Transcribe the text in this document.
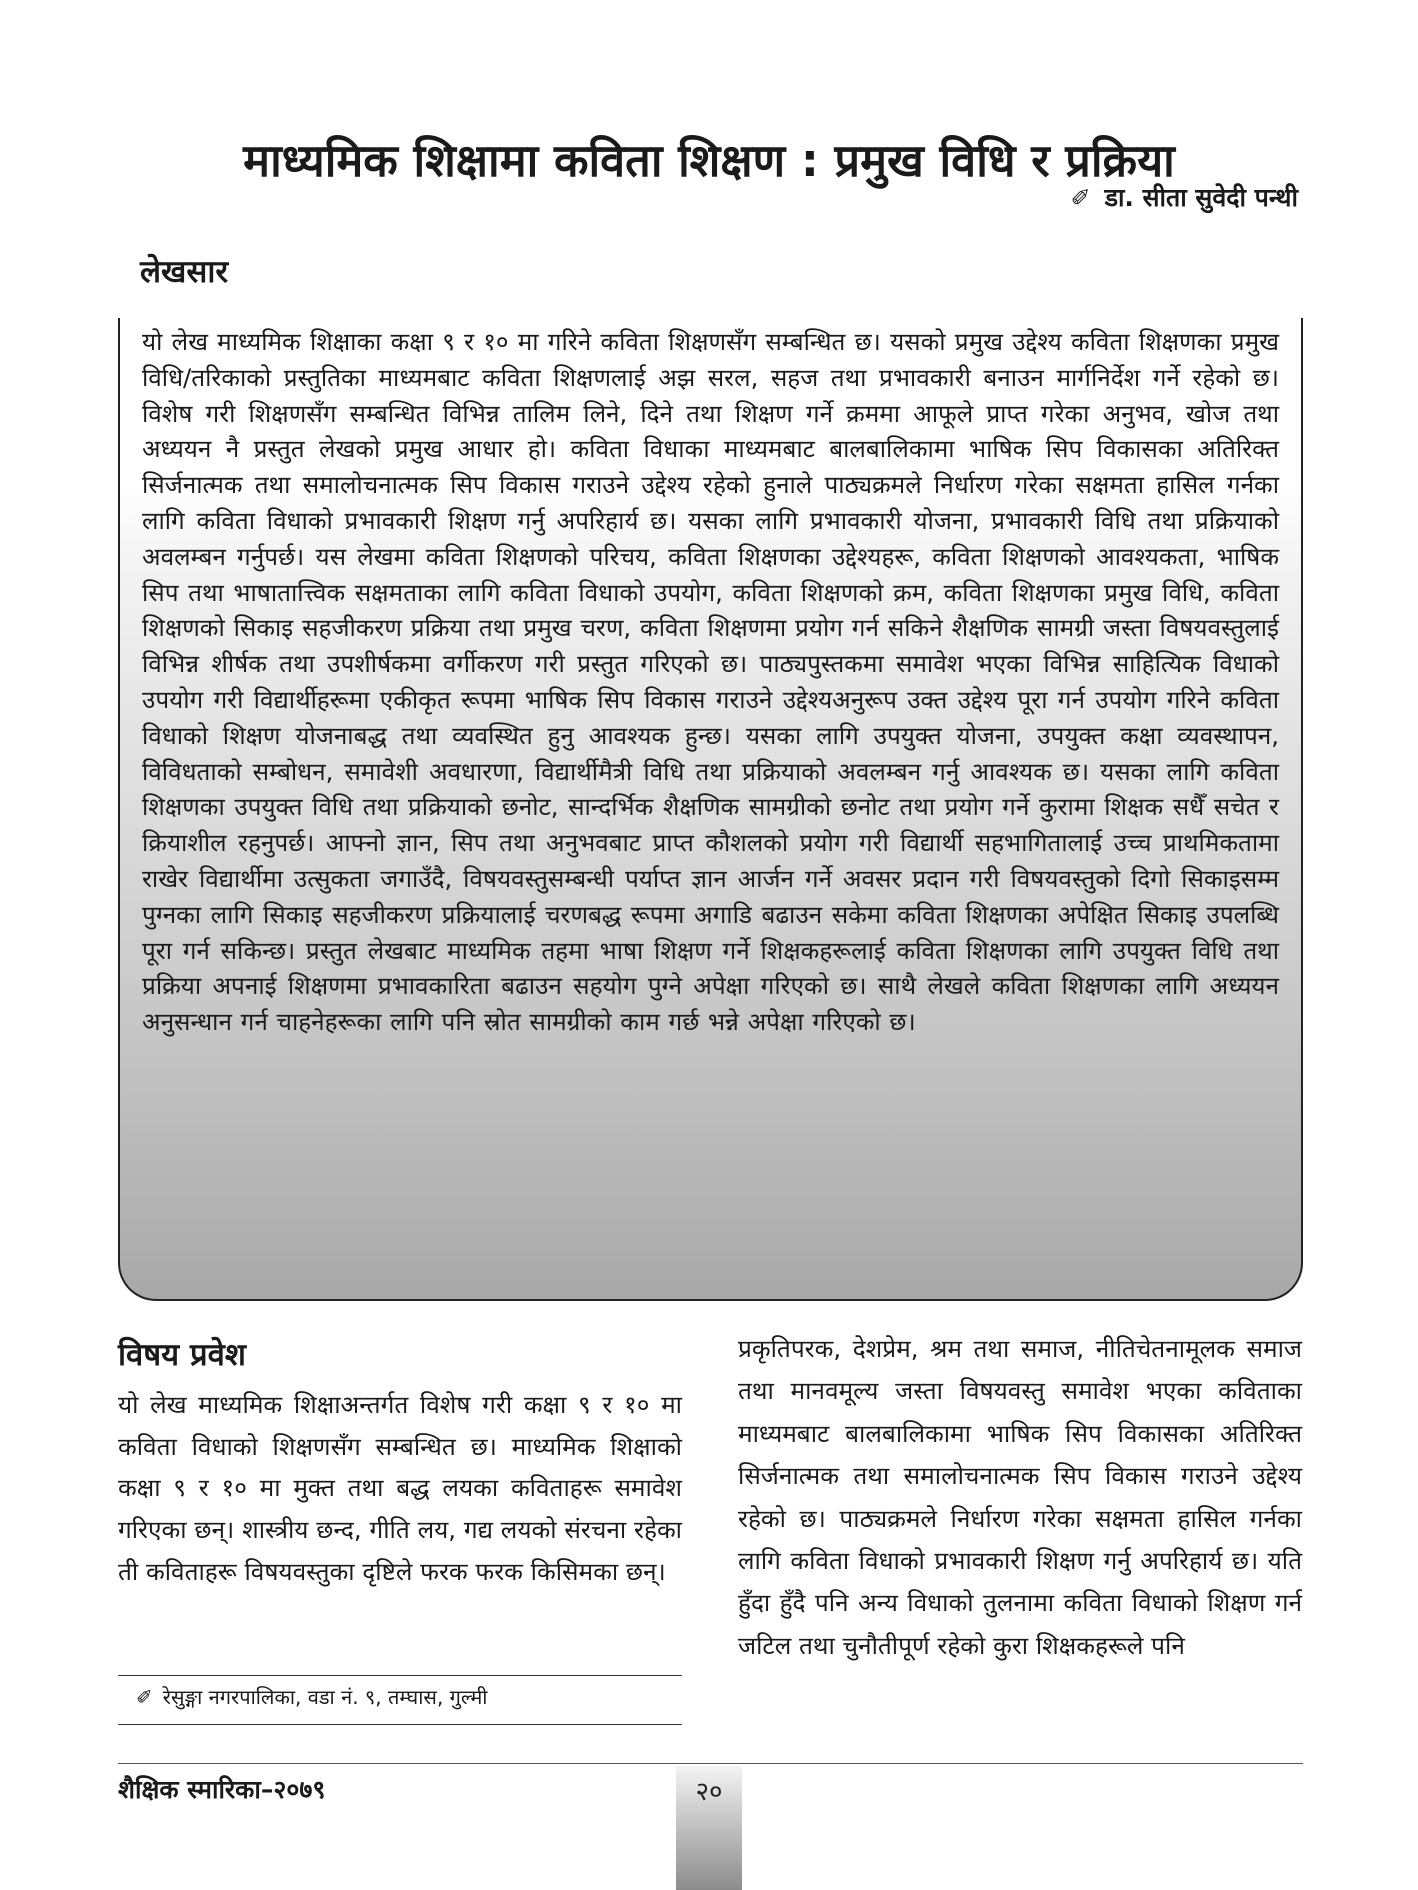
माध्यमिक शिक्षामा कविता शिक्षण : प्रमुख विधि र प्रक्रिया
✐ डा. सीता सुवेदी पन्थी
लेखसार

यो लेख माध्यमिक शिक्षाका कक्षा ९ र १० मा गरिने कविता शिक्षणसँग सम्बन्धित छ। यसको प्रमुख उद्देश्य कविता शिक्षणका प्रमुख विधि/तरिकाको प्रस्तुतिका माध्यमबाट कविता शिक्षणलाई अझ सरल, सहज तथा प्रभावकारी बनाउन मार्गनिर्देश गर्ने रहेको छ। विशेष गरी शिक्षणसँग सम्बन्धित विभिन्न तालिम लिने, दिने तथा शिक्षण गर्ने क्रममा आफूले प्राप्त गरेका अनुभव, खोज तथा अध्ययन नै प्रस्तुत लेखको प्रमुख आधार हो। कविता विधाका माध्यमबाट बालबालिकामा भाषिक सिप विकासका अतिरिक्त सिर्जनात्मक तथा समालोचनात्मक सिप विकास गराउने उद्देश्य रहेको हुनाले पाठ्यक्रमले निर्धारण गरेका सक्षमता हासिल गर्नका लागि कविता विधाको प्रभावकारी शिक्षण गर्नु अपरिहार्य छ। यसका लागि प्रभावकारी योजना, प्रभावकारी विधि तथा प्रक्रियाको अवलम्बन गर्नुपर्छ। यस लेखमा कविता शिक्षणको परिचय, कविता शिक्षणका उद्देश्यहरू, कविता शिक्षणको आवश्यकता, भाषिक सिप तथा भाषातात्त्विक सक्षमताका लागि कविता विधाको उपयोग, कविता शिक्षणको क्रम, कविता शिक्षणका प्रमुख विधि, कविता शिक्षणको सिकाइ सहजीकरण प्रक्रिया तथा प्रमुख चरण, कविता शिक्षणमा प्रयोग गर्न सकिने शैक्षणिक सामग्री जस्ता विषयवस्तुलाई विभिन्न शीर्षक तथा उपशीर्षकमा वर्गीकरण गरी प्रस्तुत गरिएको छ। पाठ्यपुस्तकमा समावेश भएका विभिन्न साहित्यिक विधाको उपयोग गरी विद्यार्थीहरूमा एकीकृत रूपमा भाषिक सिप विकास गराउने उद्देश्यअनुरूप उक्त उद्देश्य पूरा गर्न उपयोग गरिने कविता विधाको शिक्षण योजनाबद्ध तथा व्यवस्थित हुनु आवश्यक हुन्छ। यसका लागि उपयुक्त योजना, उपयुक्त कक्षा व्यवस्थापन, विविधताको सम्बोधन, समावेशी अवधारणा, विद्यार्थीमैत्री विधि तथा प्रक्रियाको अवलम्बन गर्नु आवश्यक छ। यसका लागि कविता शिक्षणका उपयुक्त विधि तथा प्रक्रियाको छनोट, सान्दर्भिक शैक्षणिक सामग्रीको छनोट तथा प्रयोग गर्ने कुरामा शिक्षक सधैँ सचेत र क्रियाशील रहनुपर्छ। आफ्नो ज्ञान, सिप तथा अनुभवबाट प्राप्त कौशलको प्रयोग गरी विद्यार्थी सहभागितालाई उच्च प्राथमिकतामा राखेर विद्यार्थीमा उत्सुकता जगाउँदै, विषयवस्तुसम्बन्धी पर्याप्त ज्ञान आर्जन गर्ने अवसर प्रदान गरी विषयवस्तुको दिगो सिकाइसम्म पुग्नका लागि सिकाइ सहजीकरण प्रक्रियालाई चरणबद्ध रूपमा अगाडि बढाउन सकेमा कविता शिक्षणका अपेक्षित सिकाइ उपलब्धि पूरा गर्न सकिन्छ। प्रस्तुत लेखबाट माध्यमिक तहमा भाषा शिक्षण गर्ने शिक्षकहरूलाई कविता शिक्षणका लागि उपयुक्त विधि तथा प्रक्रिया अपनाई शिक्षणमा प्रभावकारिता बढाउन सहयोग पुग्ने अपेक्षा गरिएको छ। साथै लेखले कविता शिक्षणका लागि अध्ययन अनुसन्धान गर्न चाहनेहरूका लागि पनि स्रोत सामग्रीको काम गर्छ भन्ने अपेक्षा गरिएको छ।

विषय प्रवेश

यो लेख माध्यमिक शिक्षाअन्तर्गत विशेष गरी कक्षा ९ र १० मा कविता विधाको शिक्षणसँग सम्बन्धित छ। माध्यमिक शिक्षाको कक्षा ९ र १० मा मुक्त तथा बद्ध लयका कविताहरू समावेश गरिएका छन्। शास्त्रीय छन्द, गीति लय, गद्य लयको संरचना रहेका ती कविताहरू विषयवस्तुका दृष्टिले फरक फरक किसिमका छन्।

✐ रेसुङ्गा नगरपालिका, वडा नं. ९, तम्घास, गुल्मी

प्रकृतिपरक, देशप्रेम, श्रम तथा समाज, नीतिचेतनामूलक समाज तथा मानवमूल्य जस्ता विषयवस्तु समावेश भएका कविताका माध्यमबाट बालबालिकामा भाषिक सिप विकासका अतिरिक्त सिर्जनात्मक तथा समालोचनात्मक सिप विकास गराउने उद्देश्य रहेको छ। पाठ्यक्रमले निर्धारण गरेका सक्षमता हासिल गर्नका लागि कविता विधाको प्रभावकारी शिक्षण गर्नु अपरिहार्य छ। यति हुँदा हुँदै पनि अन्य विधाको तुलनामा कविता विधाको शिक्षण गर्न जटिल तथा चुनौतीपूर्ण रहेको कुरा शिक्षकहरूले पनि

शैक्षिक स्मारिका–२०७९	२०
